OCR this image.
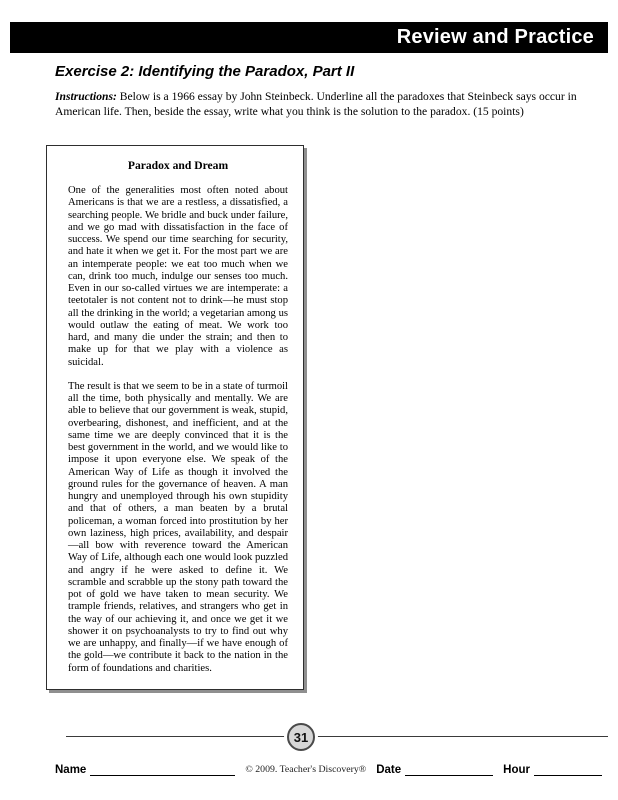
Review and Practice
Exercise 2: Identifying the Paradox, Part II
Instructions: Below is a 1966 essay by John Steinbeck. Underline all the paradoxes that Steinbeck says occur in American life. Then, beside the essay, write what you think is the solution to the paradox. (15 points)
Paradox and Dream

One of the generalities most often noted about Americans is that we are a restless, a dissatisfied, a searching people. We bridle and buck under failure, and we go mad with dissatisfaction in the face of success. We spend our time searching for security, and hate it when we get it. For the most part we are an intemperate people: we eat too much when we can, drink too much, indulge our senses too much. Even in our so-called virtues we are intemperate: a teetotaler is not content not to drink—he must stop all the drinking in the world; a vegetarian among us would outlaw the eating of meat. We work too hard, and many die under the strain; and then to make up for that we play with a violence as suicidal.

The result is that we seem to be in a state of turmoil all the time, both physically and mentally. We are able to believe that our government is weak, stupid, overbearing, dishonest, and inefficient, and at the same time we are deeply convinced that it is the best government in the world, and we would like to impose it upon everyone else. We speak of the American Way of Life as though it involved the ground rules for the governance of heaven. A man hungry and unemployed through his own stupidity and that of others, a man beaten by a brutal policeman, a woman forced into prostitution by her own laziness, high prices, availability, and despair—all bow with reverence toward the American Way of Life, although each one would look puzzled and angry if he were asked to define it. We scramble and scrabble up the stony path toward the pot of gold we have taken to mean security. We trample friends, relatives, and strangers who get in the way of our achieving it, and once we get it we shower it on psychoanalysts to try to find out why we are unhappy, and finally—if we have enough of the gold—we contribute it back to the nation in the form of foundations and charities.

31
Name	© 2009. Teacher's Discovery® Date	Hour
